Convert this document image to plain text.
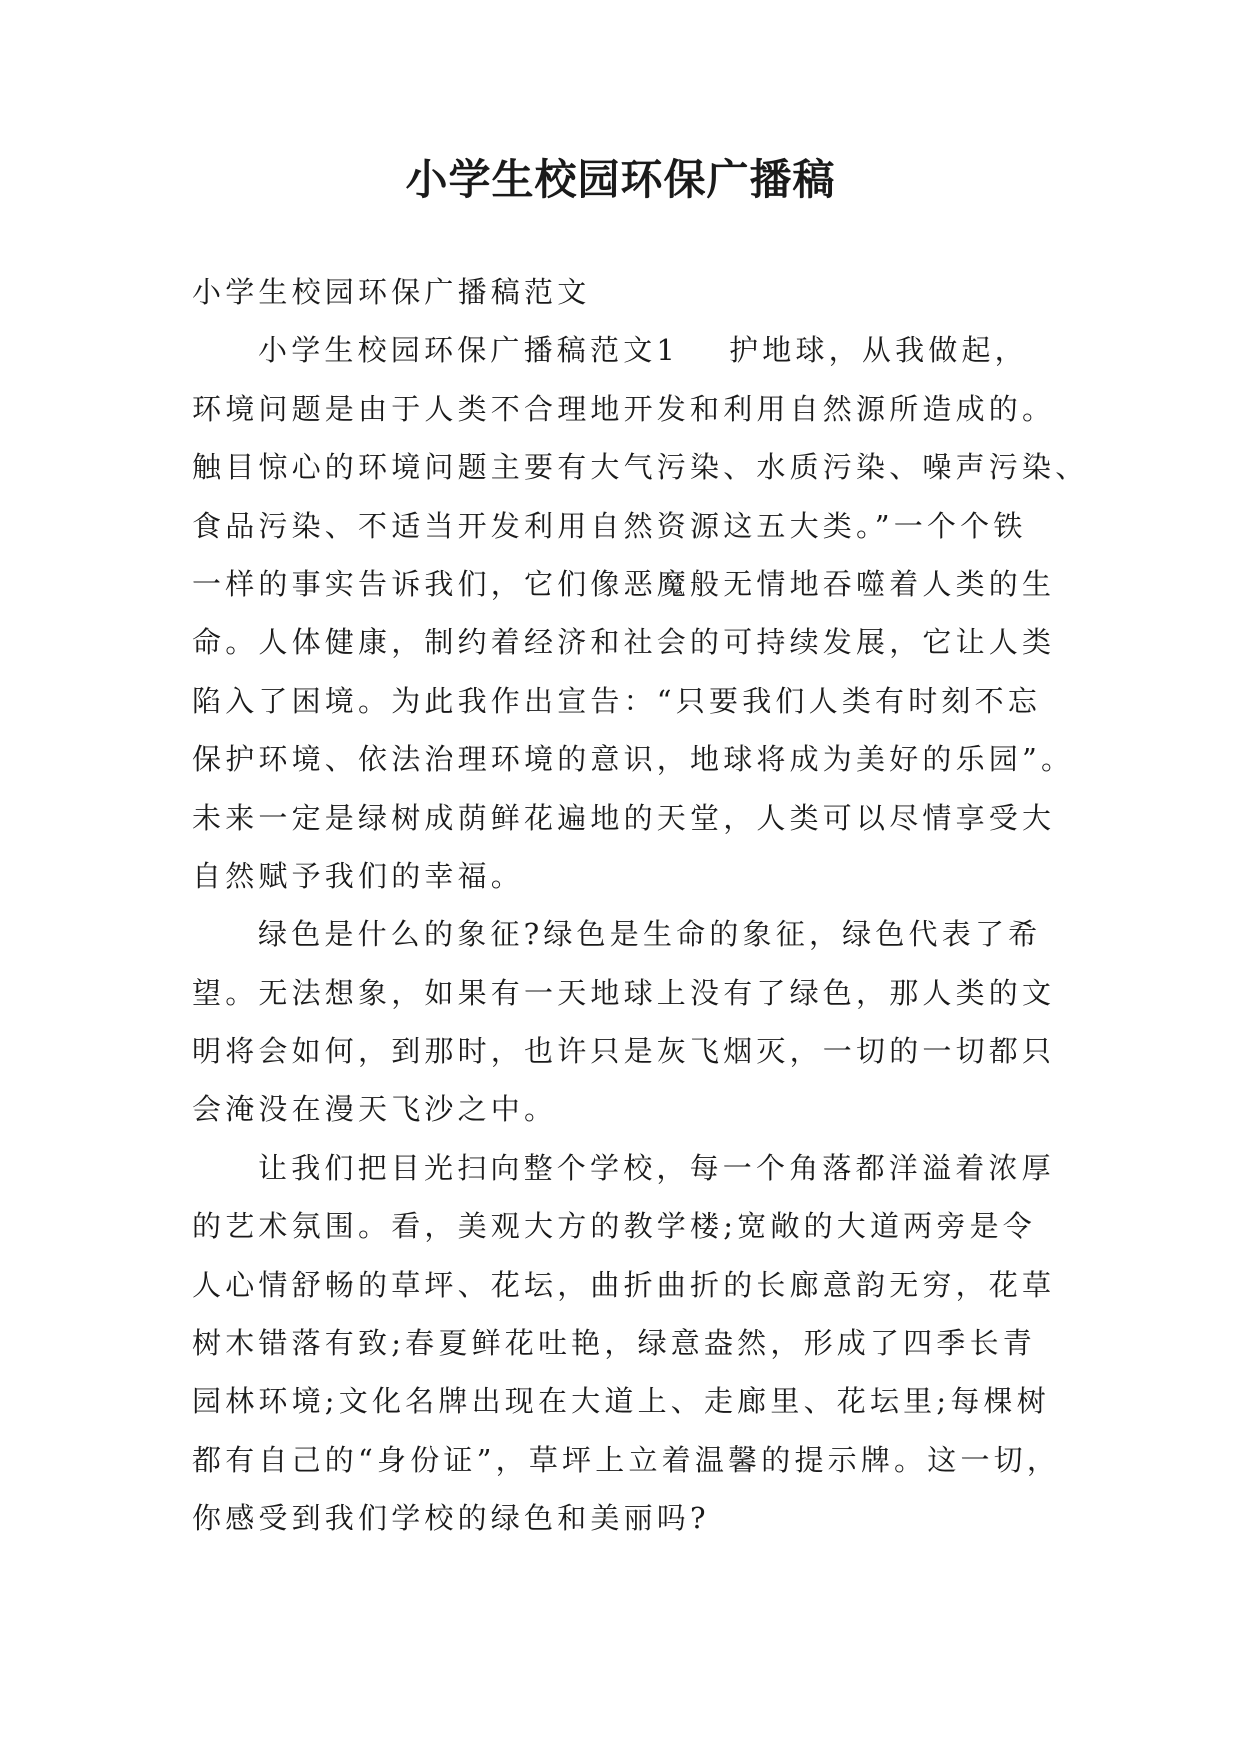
小学生校园环保广播稿
小学生校园环保广播稿范文
小学生校园环保广播稿范文1 护地球，从我做起，
环境问题是由于人类不合理地开发和利用自然源所造成的。
触目惊心的环境问题主要有大气污染、水质污染、噪声污染、
食品污染、不适当开发利用自然资源这五大类。”一个个铁
一样的事实告诉我们，它们像恶魔般无情地吞噬着人类的生
命。人体健康，制约着经济和社会的可持续发展，它让人类
陷入了困境。为此我作出宣告：“只要我们人类有时刻不忘
保护环境、依法治理环境的意识，地球将成为美好的乐园”。
未来一定是绿树成荫鲜花遍地的天堂，人类可以尽情享受大
自然赋予我们的幸福。
绿色是什么的象征?绿色是生命的象征，绿色代表了希
望。无法想象，如果有一天地球上没有了绿色，那人类的文
明将会如何，到那时，也许只是灰飞烟灭，一切的一切都只
会淹没在漫天飞沙之中。
让我们把目光扫向整个学校，每一个角落都洋溢着浓厚
的艺术氛围。看，美观大方的教学楼;宽敞的大道两旁是令
人心情舒畅的草坪、花坛，曲折曲折的长廊意韵无穷，花草
树木错落有致;春夏鲜花吐艳，绿意盎然，形成了四季长青
园林环境;文化名牌出现在大道上、走廊里、花坛里;每棵树
都有自己的“身份证”，草坪上立着温馨的提示牌。这一切，
你感受到我们学校的绿色和美丽吗?
